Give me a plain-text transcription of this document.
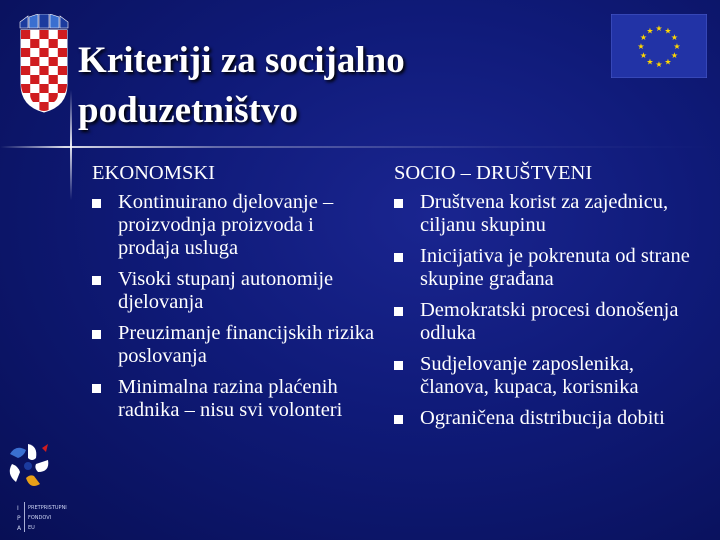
Kriteriji za socijalno
poduzetništvo
★ ★
★
★
★
★
★
★
★
★
★
★
EKONOMSKI
Kontinuirano djelovanje – proizvodnja proizvoda i prodaja usluga
Visoki stupanj autonomije djelovanja
Preuzimanje financijskih rizika poslovanja
Minimalna razina plaćenih radnika – nisu svi volonteri
SOCIO – DRUŠTVENI
Društvena korist za zajednicu, ciljanu skupinu
Inicijativa je pokrenuta od strane skupine građana
Demokratski procesi donošenja odluka
Sudjelovanje zaposlenika, članova, kupaca, korisnika
Ograničena distribucija dobiti
I
P
A
PRETPRISTUPNI
FONDOVI
EU
